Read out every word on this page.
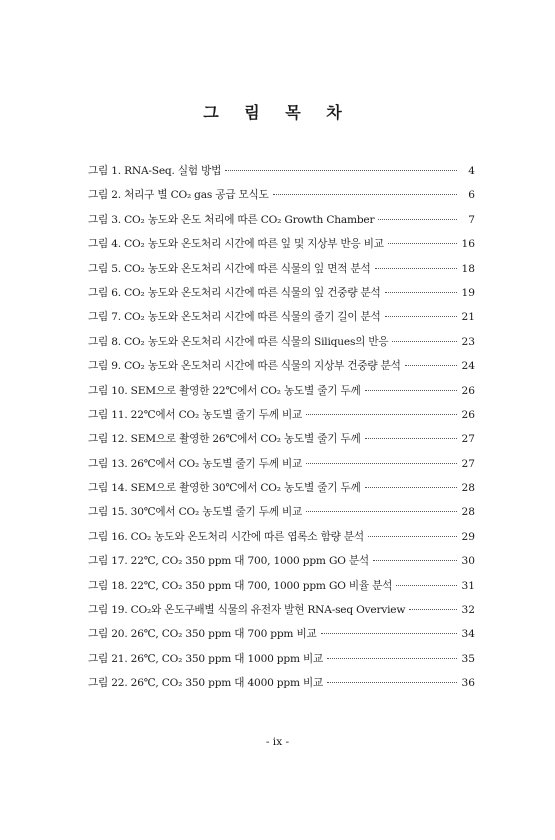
그 림 목 차
그림 1. RNA-Seq. 실험 방법	4
그림 2. 처리구 별 CO₂ gas 공급 모식도	6
그림 3. CO₂ 농도와 온도 처리에 따른 CO₂ Growth Chamber	7
그림 4. CO₂ 농도와 온도처리 시간에 따른 잎 및 지상부 반응 비교	16
그림 5. CO₂ 농도와 온도처리 시간에 따른 식물의 잎 면적 분석	18
그림 6. CO₂ 농도와 온도처리 시간에 따른 식물의 잎 건중량 분석	19
그림 7. CO₂ 농도와 온도처리 시간에 따른 식물의 줄기 길이 분석	21
그림 8. CO₂ 농도와 온도처리 시간에 따른 식물의 Siliques의 반응	23
그림 9. CO₂ 농도와 온도처리 시간에 따른 식물의 지상부 건중량 분석	24
그림 10. SEM으로 촬영한 22℃에서 CO₂ 농도별 줄기 두께	26
그림 11. 22℃에서 CO₂ 농도별 줄기 두께 비교	26
그림 12. SEM으로 촬영한 26℃에서 CO₂ 농도별 줄기 두께	27
그림 13. 26℃에서 CO₂ 농도별 줄기 두께 비교	27
그림 14. SEM으로 촬영한 30℃에서 CO₂ 농도별 줄기 두께	28
그림 15. 30℃에서 CO₂ 농도별 줄기 두께 비교	28
그림 16. CO₂ 농도와 온도처리 시간에 따른 엽록소 함량 분석	29
그림 17. 22℃, CO₂ 350 ppm 대 700, 1000 ppm GO 분석	30
그림 18. 22℃, CO₂ 350 ppm 대 700, 1000 ppm GO 비율 분석	31
그림 19. CO₂와 온도구배별 식물의 유전자 발현 RNA-seq Overview	32
그림 20. 26℃, CO₂ 350 ppm 대 700 ppm 비교	34
그림 21. 26℃, CO₂ 350 ppm 대 1000 ppm 비교	35
그림 22. 26℃, CO₂ 350 ppm 대 4000 ppm 비교	36
- ix -
